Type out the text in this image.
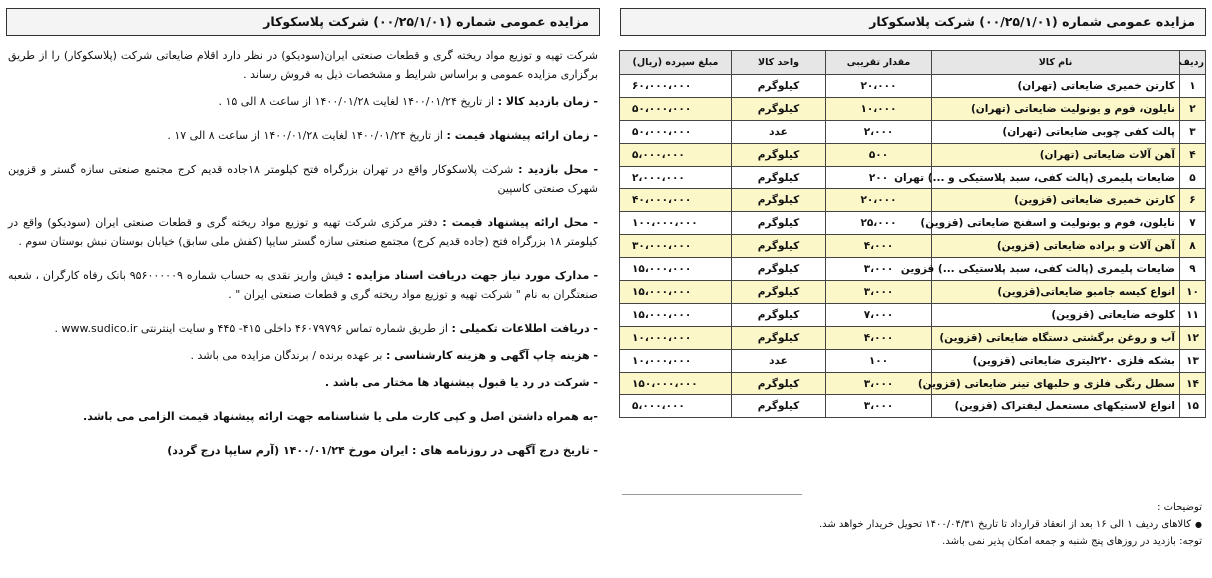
مزایده عمومی شماره (۰۰/۲۵/۱/۰۱) شرکت پلاسکوکار

شرکت تهیه و توزیع مواد ریخته گری و قطعات صنعتی ایران(سودیکو) در نظر دارد اقلام ضایعاتی شرکت (پلاسکوکار) را از طریق برگزاری مزایده عمومی و براساس شرایط و مشخصات ذیل به فروش رساند .

- زمان بازدید کالا : از تاریخ ۱۴۰۰/۰۱/۲۴ لغایت ۱۴۰۰/۰۱/۲۸ از ساعت ۸ الی ۱۵ .

- زمان ارائه پیشنهاد قیمت : از تاریخ ۱۴۰۰/۰۱/۲۴ لغایت ۱۴۰۰/۰۱/۲۸ از ساعت ۸ الی ۱۷ .

- محل بازدید : شرکت پلاسکوکار واقع در تهران بزرگراه فتح کیلومتر ۱۸جاده قدیم کرج مجتمع صنعتی سازه گستر و قزوین شهرک صنعتی کاسپین

- محل ارائه پیشنهاد قیمت : دفتر مرکزی شرکت تهیه و توزیع مواد ریخته گری و قطعات صنعتی ایران (سودیکو) واقع در کیلومتر ۱۸ بزرگراه فتح (جاده قدیم کرج) مجتمع صنعتی سازه گستر سایپا (کفش ملی سابق) خیابان بوستان نبش بوستان سوم .

- مدارک مورد نیاز جهت دریافت اسناد مزایده : فیش واریز نقدی به حساب شماره ۹۵۶۰۰۰۰۰۹ بانک رفاه کارگران ، شعبه صنعتگران به نام " شرکت تهیه و توزیع مواد ریخته گری و قطعات صنعتی ایران " .

- دریافت اطلاعات تکمیلی : از طریق شماره تماس ۴۶۰۷۹۷۹۶ داخلی ۴۱۵- ۴۴۵ و سایت اینترنتی www.sudico.ir .

- هزینه چاپ آگهی و هزینه کارشناسی : بر عهده برنده / برندگان مزایده می باشد .

- شرکت در رد یا قبول پیشنهاد ها مختار می باشد .

-به همراه داشتن اصل و کپی کارت ملی یا شناسنامه جهت ارائه پیشنهاد قیمت الزامی می باشد.

- تاریخ درج آگهی در روزنامه های : ایران مورخ ۱۴۰۰/۰۱/۲۴ (آرم سایپا درج گردد)

مزایده عمومی شماره (۰۰/۲۵/۱/۰۱) شرکت پلاسکوکار
ردیف	نام کالا	مقدار تقریبی	واحد کالا	مبلغ سپرده (ریال)
۱	کارتن خمیری ضایعاتی (تهران)	۲۰،۰۰۰	کیلوگرم	۶۰،۰۰۰،۰۰۰
۲	نایلون، فوم و یونولیت ضایعاتی (تهران)	۱۰،۰۰۰	کیلوگرم	۵۰،۰۰۰،۰۰۰
۳	پالت کفی چوبی ضایعاتی (تهران)	۲،۰۰۰	عدد	۵۰،۰۰۰،۰۰۰
۴	آهن آلات ضایعاتی (تهران)	۵۰۰	کیلوگرم	۵،۰۰۰،۰۰۰
۵	ضایعات پلیمری (پالت کفی، سبد پلاستیکی و ...) تهران	۲۰۰	کیلوگرم	۲،۰۰۰،۰۰۰
۶	کارتن خمیری ضایعاتی (قزوین)	۲۰،۰۰۰	کیلوگرم	۴۰،۰۰۰،۰۰۰
۷	نایلون، فوم و یونولیت و اسفنج ضایعاتی (قزوین)	۲۵،۰۰۰	کیلوگرم	۱۰۰،۰۰۰،۰۰۰
۸	آهن آلات و براده ضایعاتی (قزوین)	۴،۰۰۰	کیلوگرم	۳۰،۰۰۰،۰۰۰
۹	ضایعات پلیمری (پالت کفی، سبد پلاستیکی ...) قزوین	۳،۰۰۰	کیلوگرم	۱۵،۰۰۰،۰۰۰
۱۰	انواع کیسه جامبو ضایعاتی(قزوین)	۳،۰۰۰	کیلوگرم	۱۵،۰۰۰،۰۰۰
۱۱	کلوخه ضایعاتی (قزوین)	۷،۰۰۰	کیلوگرم	۱۵،۰۰۰،۰۰۰
۱۲	آب و روغن برگشتی دستگاه ضایعاتی (قزوین)	۴،۰۰۰	کیلوگرم	۱۰،۰۰۰،۰۰۰
۱۳	بشکه فلزی ۲۲۰لیتری ضایعاتی (قزوین)	۱۰۰	عدد	۱۰،۰۰۰،۰۰۰
۱۴	سطل رنگی فلزی و حلبهای تینر ضایعاتی (قزوین)	۳،۰۰۰	کیلوگرم	۱۵۰،۰۰۰،۰۰۰
۱۵	انواع لاستیکهای مستعمل لیفتراک (قزوین)	۳،۰۰۰	کیلوگرم	۵،۰۰۰،۰۰۰
توضیحات :
●کالاهای ردیف ۱ الی ۱۶ بعد از انعقاد قرارداد تا تاریخ ۱۴۰۰/۰۴/۳۱ تحویل خریدار خواهد شد.
توجه: بازدید در روزهای پنج شنبه و جمعه امکان پذیر نمی باشد.
